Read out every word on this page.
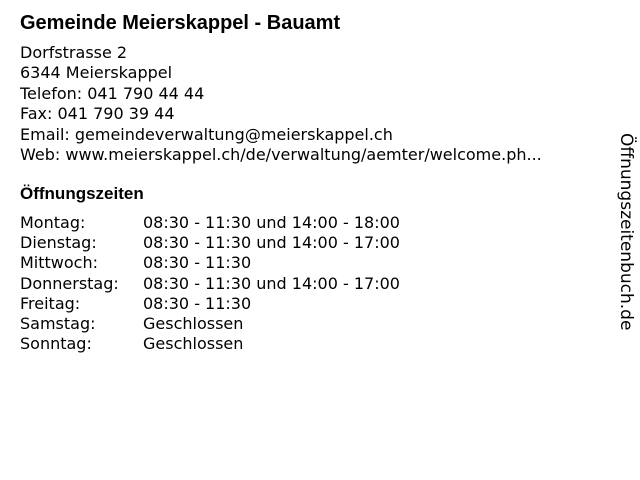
Gemeinde Meierskappel - Bauamt
Dorfstrasse 2
6344 Meierskappel
Telefon: 041 790 44 44
Fax: 041 790 39 44
Email: gemeindeverwaltung@meierskappel.ch
Web: www.meierskappel.ch/de/verwaltung/aemter/welcome.ph...
Öffnungszeiten
Montag:	08:30 - 11:30 und 14:00 - 18:00
Dienstag:	08:30 - 11:30 und 14:00 - 17:00
Mittwoch:	08:30 - 11:30
Donnerstag:	08:30 - 11:30 und 14:00 - 17:00
Freitag:	08:30 - 11:30
Samstag:	Geschlossen
Sonntag:	Geschlossen
Öffnungszeitenbuch.de
